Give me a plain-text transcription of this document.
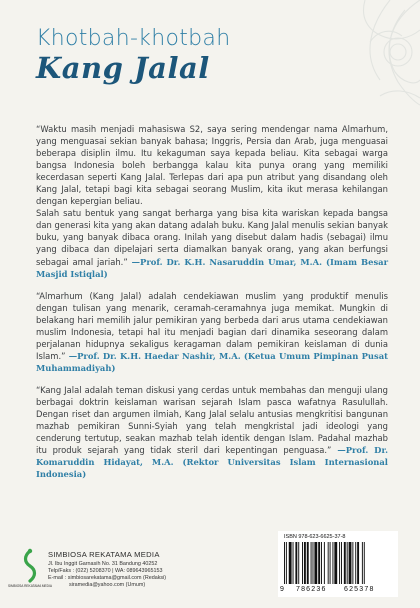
Khotbah-khotbah
Kang Jalal

“Waktu masih menjadi mahasiswa S2, saya sering mendengar nama Almarhum, yang menguasai sekian banyak bahasa; Inggris, Persia dan Arab, juga menguasai beberapa disiplin ilmu. Itu kekaguman saya kepada beliau. Kita sebagai warga bangsa Indonesia boleh berbangga kalau kita punya orang yang memiliki kecerdasan seperti Kang Jalal. Terlepas dari apa pun atribut yang disandang oleh Kang Jalal, tetapi bagi kita sebagai seorang Muslim, kita ikut merasa kehilangan dengan kepergian beliau.

Salah satu bentuk yang sangat berharga yang bisa kita wariskan kepada bangsa dan generasi kita yang akan datang adalah buku. Kang Jalal menulis sekian banyak buku, yang banyak dibaca orang. Inilah yang disebut dalam hadis (sebagai) ilmu yang dibaca dan dipelajari serta diamalkan banyak orang, yang akan berfungsi sebagai amal jariah.” —Prof. Dr. K.H. Nasaruddin Umar, M.A. (Imam Besar Masjid Istiqlal)

“Almarhum (Kang Jalal) adalah cendekiawan muslim yang produktif menulis dengan tulisan yang menarik, ceramah-ceramahnya juga memikat. Mungkin di belakang hari memilih jalur pemikiran yang berbeda dari arus utama cendekiawan muslim Indonesia, tetapi hal itu menjadi bagian dari dinamika seseorang dalam perjalanan hidupnya sekaligus keragaman dalam pemikiran keislaman di dunia Islam.” —Prof. Dr. K.H. Haedar Nashir, M.A. (Ketua Umum Pimpinan Pusat Muhammadiyah)

“Kang Jalal adalah teman diskusi yang cerdas untuk membahas dan menguji ulang berbagai doktrin keislaman warisan sejarah Islam pasca wafatnya Rasulullah. Dengan riset dan argumen ilmiah, Kang Jalal selalu antusias mengkritisi bangunan mazhab pemikiran Sunni-Syiah yang telah mengkristal jadi ideologi yang cenderung tertutup, seakan mazhab telah identik dengan Islam. Padahal mazhab itu produk sejarah yang tidak steril dari kepentingan penguasa.” —Prof. Dr. Komaruddin Hidayat, M.A. (Rektor Universitas Islam Internasional Indonesia)

SIMBIOSA REKATAMA MEDIA
SIMBIOSA REKATAMA MEDIA
Jl. Ibu Inggit Garnasih No. 31 Bandung 40252
Telp/Faks : (022) 5208370 | WA: 089643965153
E-mail : simbiosarekatama@gmail.com (Redaksi)
siramedia@yahoo.com (Umum)
ISBN 978-623-6625-37-8
9 786236 625378
